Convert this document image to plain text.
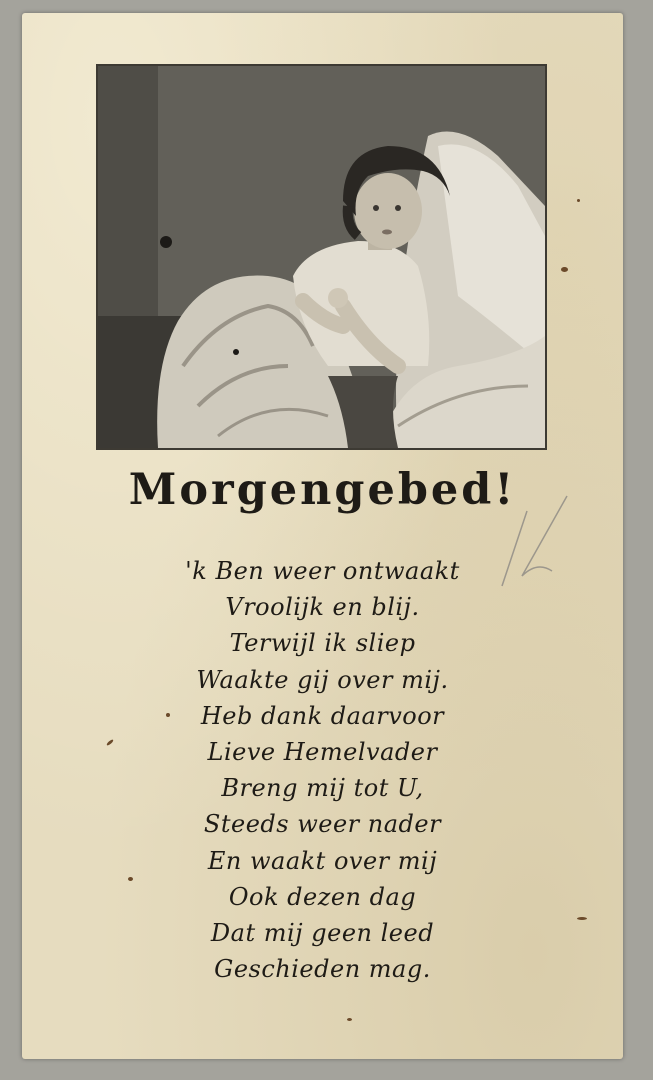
Morgengebed!
'k Ben weer ontwaakt
Vroolijk en blij.
Terwijl ik sliep
Waakte gij over mij.
Heb dank daarvoor
Lieve Hemelvader
Breng mij tot U,
Steeds weer nader
En waakt over mij
Ook dezen dag
Dat mij geen leed
Geschieden mag.
